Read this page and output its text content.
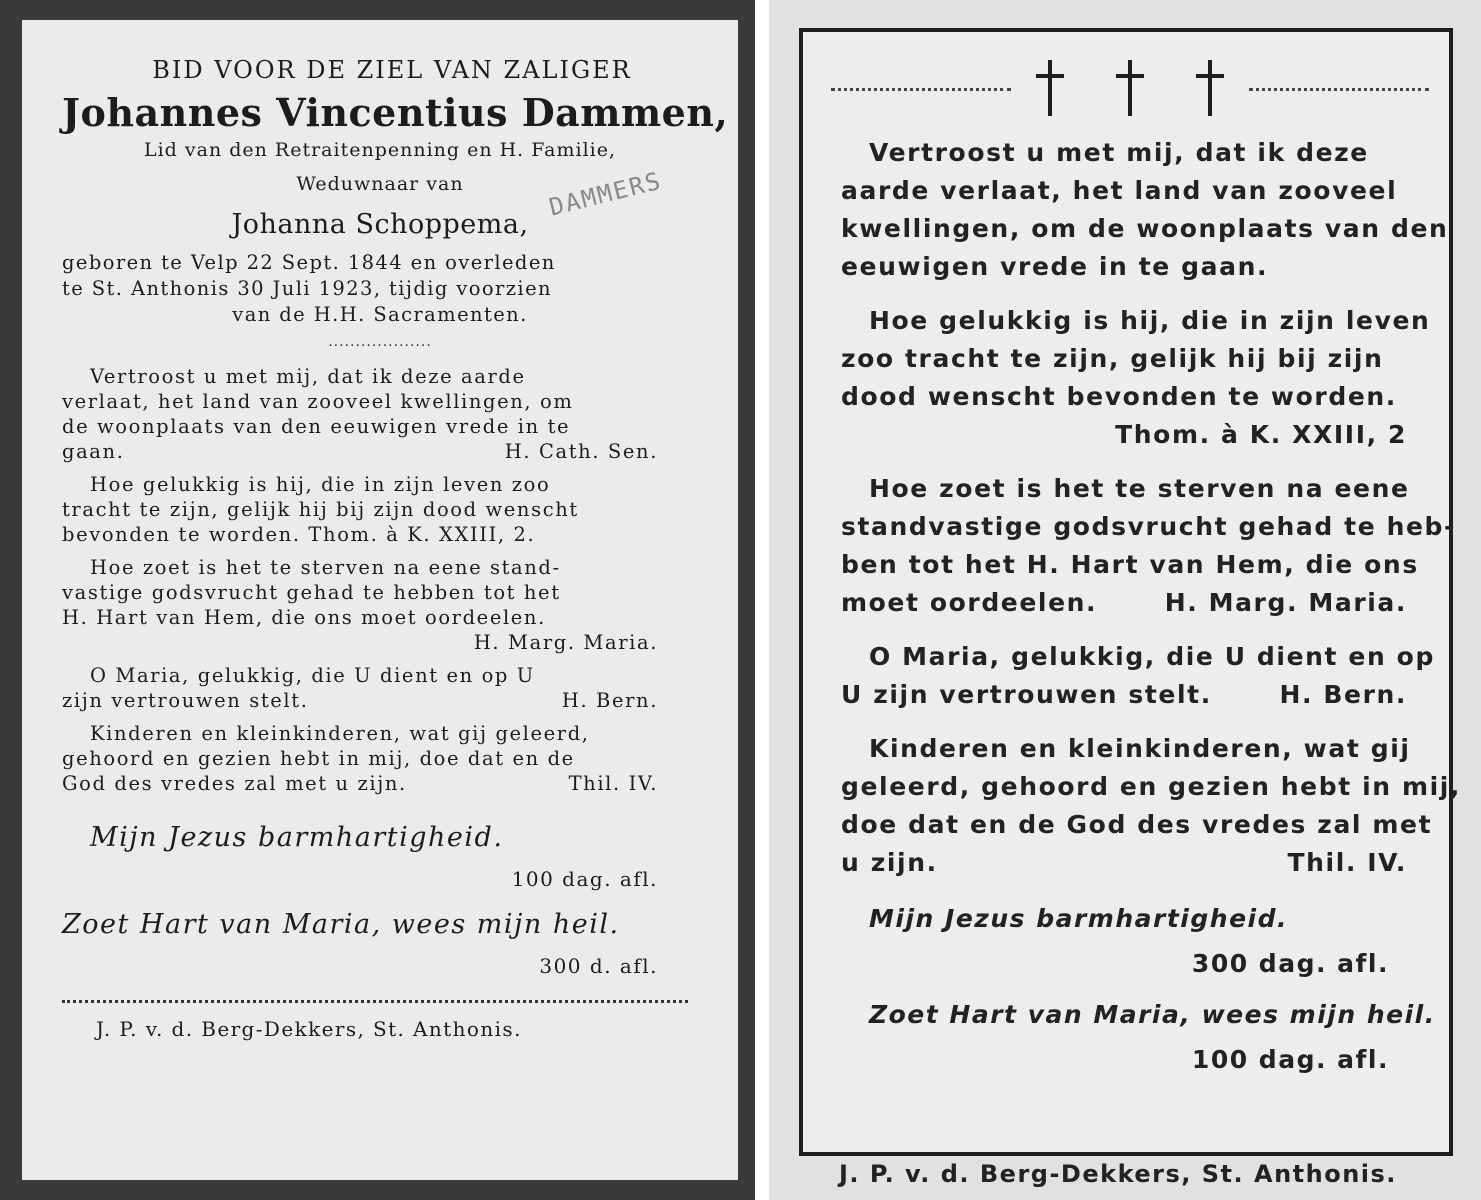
BID VOOR DE ZIEL VAN ZALIGER
Johannes Vincentius Dammen,
Lid van den Retraitenpenning en H. Familie,
Weduwnaar van
Johanna Schoppema,
geboren te Velp 22 Sept. 1844 en overleden
te St. Anthonis 30 Juli 1923, tijdig voorzien
van de H.H. Sacramenten.
...................
Vertroost u met mij, dat ik deze aarde
verlaat, het land van zooveel kwellingen, om
de woonplaats van den eeuwigen vrede in te
gaan.	H. Cath. Sen.
Hoe gelukkig is hij, die in zijn leven zoo
tracht te zijn, gelijk hij bij zijn dood wenscht
bevonden te worden. Thom. à K. XXIII, 2.
Hoe zoet is het te sterven na eene stand-
vastige godsvrucht gehad te hebben tot het
H. Hart van Hem, die ons moet oordeelen.
H. Marg. Maria.
O Maria, gelukkig, die U dient en op U
zijn vertrouwen stelt.	H. Bern.
Kinderen en kleinkinderen, wat gij geleerd,
gehoord en gezien hebt in mij, doe dat en de
God des vredes zal met u zijn.	Thil. IV.
Mijn Jezus barmhartigheid.
100 dag. afl.
Zoet Hart van Maria, wees mijn heil.
300 d. afl.
J. P. v. d. Berg-Dekkers, St. Anthonis.
DAMMERS

Vertroost u met mij, dat ik deze
aarde verlaat, het land van zooveel
kwellingen, om de woonplaats van den
eeuwigen vrede in te gaan.
Hoe gelukkig is hij, die in zijn leven
zoo tracht te zijn, gelijk hij bij zijn
dood wenscht bevonden te worden.
Thom. à K. XXIII, 2
Hoe zoet is het te sterven na eene
standvastige godsvrucht gehad te heb-
ben tot het H. Hart van Hem, die ons
moet oordeelen.	H. Marg. Maria.
O Maria, gelukkig, die U dient en op
U zijn vertrouwen stelt.	H. Bern.
Kinderen en kleinkinderen, wat gij
geleerd, gehoord en gezien hebt in mij,
doe dat en de God des vredes zal met
u zijn.	Thil. IV.
Mijn Jezus barmhartigheid.
300 dag. afl.
Zoet Hart van Maria, wees mijn heil.
100 dag. afl.
J. P. v. d. Berg-Dekkers, St. Anthonis.
